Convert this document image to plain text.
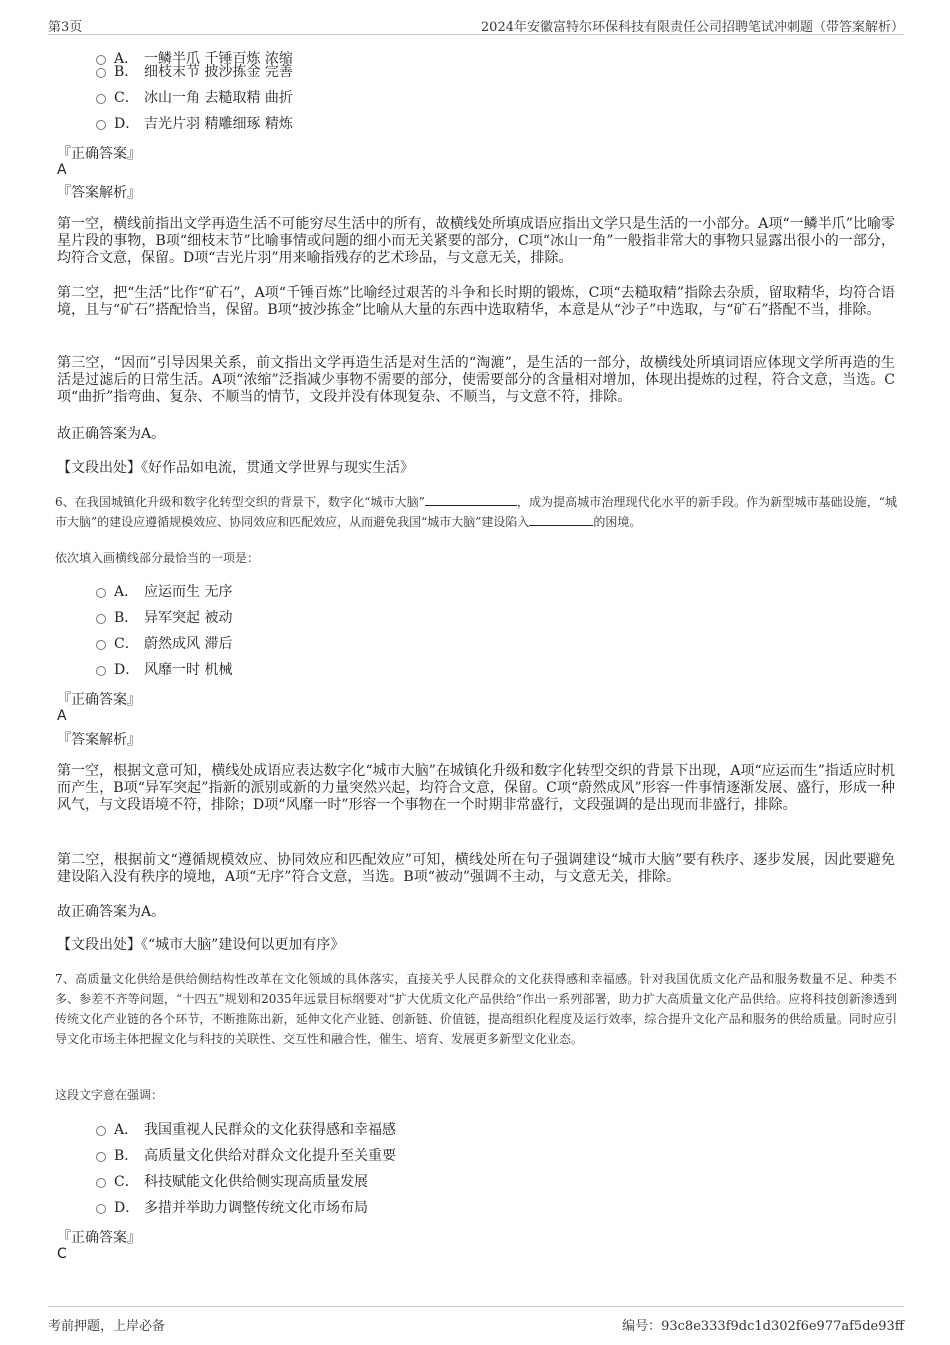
第3页	2024年安徽富特尔环保科技有限责任公司招聘笔试冲刺题（带答案解析）
A． 一鳞半爪 千锤百炼 浓缩
B． 细枝末节 披沙拣金 完善
C． 冰山一角 去糙取精 曲折
D． 吉光片羽 精雕细琢 精炼
『正确答案』
A
『答案解析』
第一空，横线前指出文学再造生活不可能穷尽生活中的所有，故横线处所填成语应指出文学只是生活的一小部分。A项“一鳞半爪”比喻零星片段的事物，B项“细枝末节”比喻事情或问题的细小而无关紧要的部分，C项“冰山一角”一般指非常大的事物只显露出很小的一部分，均符合文意，保留。D项“吉光片羽”用来喻指残存的艺术珍品，与文意无关，排除。
第二空，把“生活”比作“矿石”，A项“千锤百炼”比喻经过艰苦的斗争和长时期的锻炼，C项“去糙取精”指除去杂质，留取精华，均符合语境，且与“矿石”搭配恰当，保留。B项“披沙拣金”比喻从大量的东西中选取精华，本意是从“沙子”中选取，与“矿石”搭配不当，排除。
第三空，“因而”引导因果关系，前文指出文学再造生活是对生活的“淘漉”，是生活的一部分，故横线处所填词语应体现文学所再造的生活是过滤后的日常生活。A项“浓缩”泛指减少事物不需要的部分，使需要部分的含量相对增加，体现出提炼的过程，符合文意，当选。C项“曲折”指弯曲、复杂、不顺当的情节，文段并没有体现复杂、不顺当，与文意不符，排除。
故正确答案为A。
【文段出处】《好作品如电流，贯通文学世界与现实生活》
6、在我国城镇化升级和数字化转型交织的背景下，数字化“城市大脑”	，成为提高城市治理现代化水平的新手段。作为新型城市基础设施，“城市大脑”的建设应遵循规模效应、协同效应和匹配效应，从而避免我国“城市大脑”建设陷入	的困境。
依次填入画横线部分最恰当的一项是：
A． 应运而生 无序
B． 异军突起 被动
C． 蔚然成风 滞后
D． 风靡一时 机械
『正确答案』
A
『答案解析』
第一空，根据文意可知，横线处成语应表达数字化“城市大脑”在城镇化升级和数字化转型交织的背景下出现，A项“应运而生”指适应时机而产生，B项“异军突起”指新的派别或新的力量突然兴起，均符合文意，保留。C项“蔚然成风”形容一件事情逐渐发展、盛行，形成一种风气，与文段语境不符，排除；D项“风靡一时”形容一个事物在一个时期非常盛行，文段强调的是出现而非盛行，排除。
第二空，根据前文“遵循规模效应、协同效应和匹配效应”可知，横线处所在句子强调建设“城市大脑”要有秩序、逐步发展，因此要避免建设陷入没有秩序的境地，A项“无序”符合文意，当选。B项“被动”强调不主动，与文意无关，排除。
故正确答案为A。
【文段出处】《“城市大脑”建设何以更加有序》
7、高质量文化供给是供给侧结构性改革在文化领域的具体落实，直接关乎人民群众的文化获得感和幸福感。针对我国优质文化产品和服务数量不足、种类不多、参差不齐等问题，“十四五”规划和2035年远景目标纲要对“扩大优质文化产品供给”作出一系列部署，助力扩大高质量文化产品供给。应将科技创新渗透到传统文化产业链的各个环节，不断推陈出新，延伸文化产业链、创新链、价值链，提高组织化程度及运行效率，综合提升文化产品和服务的供给质量。同时应引导文化市场主体把握文化与科技的关联性、交互性和融合性，催生、培育、发展更多新型文化业态。
这段文字意在强调：
A． 我国重视人民群众的文化获得感和幸福感
B． 高质量文化供给对群众文化提升至关重要
C． 科技赋能文化供给侧实现高质量发展
D． 多措并举助力调整传统文化市场布局
『正确答案』
C
考前押题，上岸必备	编号：93c8e333f9dc1d302f6e977af5de93ff
